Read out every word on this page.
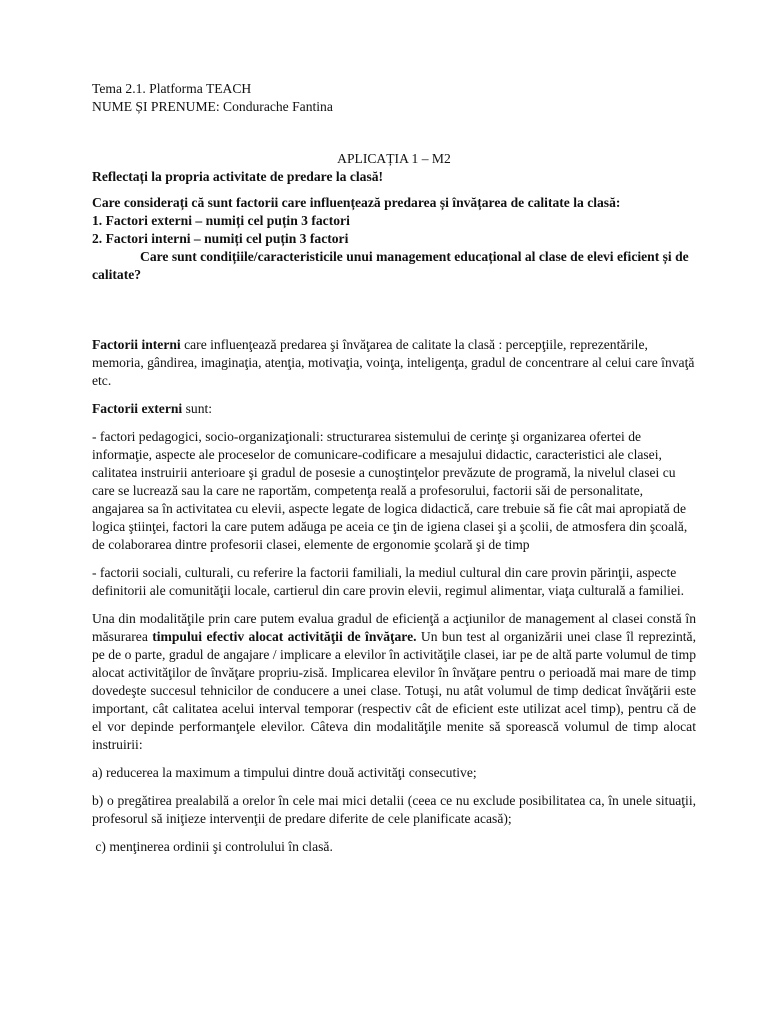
Tema 2.1. Platforma TEACH
NUME ȘI PRENUME: Condurache Fantina
APLICAȚIA 1 – M2
Reflectați la propria activitate de predare la clasă!
Care considerați că sunt factorii care influențează predarea și învățarea de calitate la clasă:
1. Factori externi – numiți cel puțin 3 factori
2. Factori interni – numiți cel puțin 3 factori

Care sunt condițiile/caracteristicile unui management educațional al clase de elevi eficient și de calitate?

Factorii interni care influenţează predarea şi învăţarea de calitate la clasă : percepţiile, reprezentările, memoria, gândirea, imaginaţia, atenţia, motivaţia, voinţa, inteligenţa, gradul de concentrare al celui care învaţă etc.

Factorii externi sunt:

- factori pedagogici, socio-organizaţionali: structurarea sistemului de cerinţe şi organizarea ofertei de informaţie, aspecte ale proceselor de comunicare-codificare a mesajului didactic, caracteristici ale clasei, calitatea instruirii anterioare şi gradul de posesie a cunoştinţelor prevăzute de programă, la nivelul clasei cu care se lucrează sau la care ne raportăm, competenţa reală a profesorului, factorii săi de personalitate, angajarea sa în activitatea cu elevii, aspecte legate de logica didactică, care trebuie să fie cât mai apropiată de logica ştiinţei, factori la care putem adăuga pe aceia ce ţin de igiena clasei şi a şcolii, de atmosfera din şcoală, de colaborarea dintre profesorii clasei, elemente de ergonomie şcolară şi de timp

- factorii sociali, culturali, cu referire la factorii familiali, la mediul cultural din care provin părinţii, aspecte definitorii ale comunităţii locale, cartierul din care provin elevii, regimul alimentar, viaţa culturală a familiei.

Una din modalităţile prin care putem evalua gradul de eficienţă a acţiunilor de management al clasei constă în măsurarea timpului efectiv alocat activităţii de învăţare. Un bun test al organizării unei clase îl reprezintă, pe de o parte, gradul de angajare / implicare a elevilor în activităţile clasei, iar pe de altă parte volumul de timp alocat activităţilor de învăţare propriu-zisă. Implicarea elevilor în învăţare pentru o perioadă mai mare de timp dovedeşte succesul tehnicilor de conducere a unei clase. Totuşi, nu atât volumul de timp dedicat învăţării este important, cât calitatea acelui interval temporar (respectiv cât de eficient este utilizat acel timp), pentru că de el vor depinde performanţele elevilor. Câteva din modalităţile menite să sporească volumul de timp alocat instruirii:

a) reducerea la maximum a timpului dintre două activităţi consecutive;

b) o pregătirea prealabilă a orelor în cele mai mici detalii (ceea ce nu exclude posibilitatea ca, în unele situaţii, profesorul să iniţieze intervenţii de predare diferite de cele planificate acasă);

c) menţinerea ordinii şi controlului în clasă.
